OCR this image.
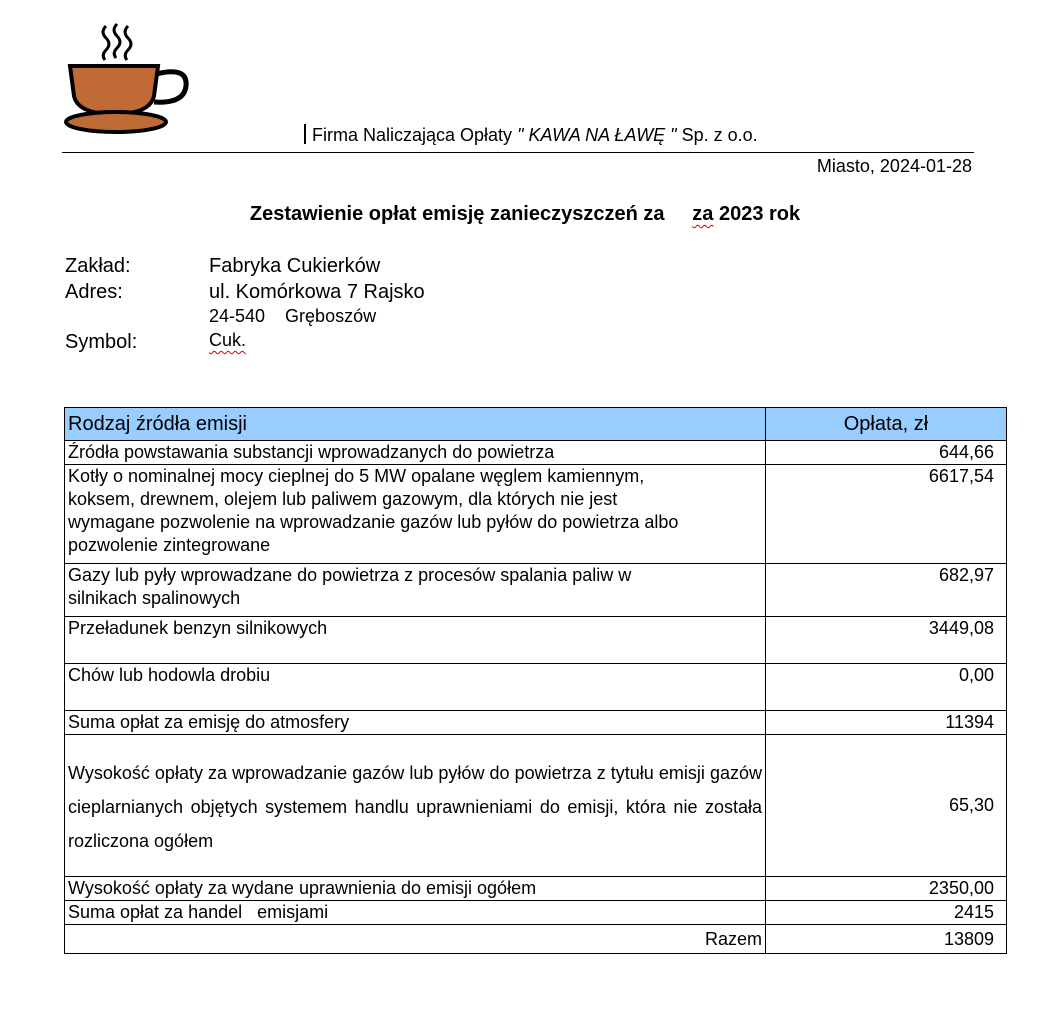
Firma Naliczająca Opłaty " KAWA NA ŁAWĘ " Sp. z o.o.
Miasto, 2024-01-28
Zestawienie opłat emisję zanieczyszczeń za za 2023 rok
Zakład:	Fabryka Cukierków
Adres:	ul. Komórkowa 7 Rajsko
24-540    Gręboszów
Symbol:	Cuk.
Rodzaj źródła emisji	Opłata, zł
Źródła powstawania substancji wprowadzanych do powietrza	644,66
Kotły o nominalnej mocy cieplnej do 5 MW opalane węglem kamiennym,
koksem, drewnem, olejem lub paliwem gazowym, dla których nie jest
wymagane pozwolenie na wprowadzanie gazów lub pyłów do powietrza albo
pozwolenie zintegrowane	6617,54
Gazy lub pyły wprowadzane do powietrza z procesów spalania paliw w
silnikach spalinowych	682,97
Przeładunek benzyn silnikowych	3449,08
Chów lub hodowla drobiu	0,00
Suma opłat za emisję do atmosfery	11394
Wysokość opłaty za wprowadzanie gazów lub pyłów do powietrza z tytułu emisji gazów cieplarnianych objętych systemem handlu uprawnieniami do emisji, która nie została rozliczona ogółem	65,30
Wysokość opłaty za wydane uprawnienia do emisji ogółem	2350,00
Suma opłat za handel   emisjami	2415
Razem	13809
